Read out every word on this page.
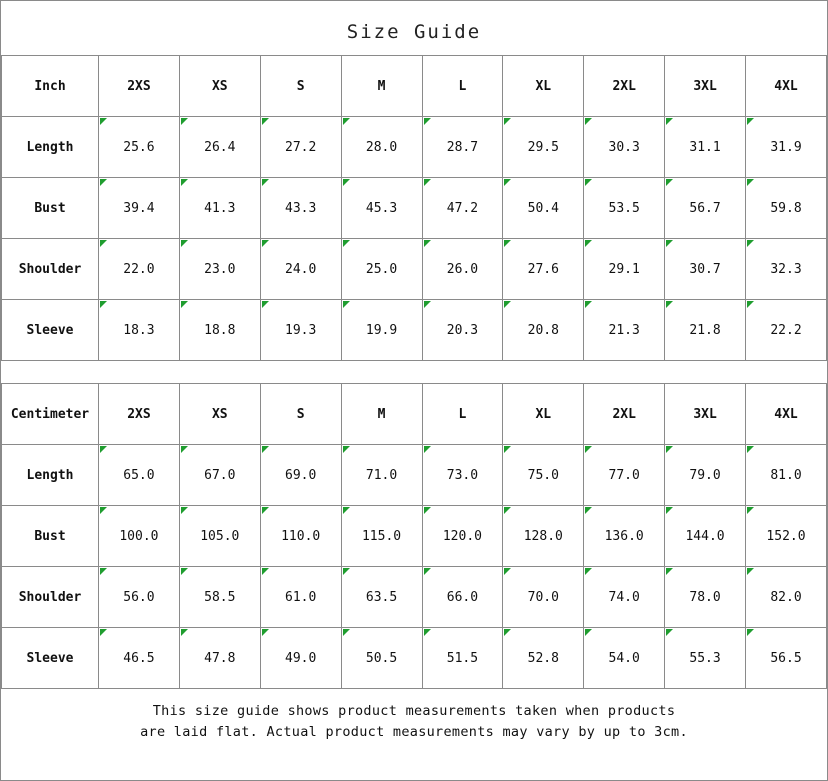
Size Guide
Inch	2XS	XS	S	M	L	XL	2XL	3XL	4XL
Length	25.6	26.4	27.2	28.0	28.7	29.5	30.3	31.1	31.9
Bust	39.4	41.3	43.3	45.3	47.2	50.4	53.5	56.7	59.8
Shoulder	22.0	23.0	24.0	25.0	26.0	27.6	29.1	30.7	32.3
Sleeve	18.3	18.8	19.3	19.9	20.3	20.8	21.3	21.8	22.2
Centimeter	2XS	XS	S	M	L	XL	2XL	3XL	4XL
Length	65.0	67.0	69.0	71.0	73.0	75.0	77.0	79.0	81.0
Bust	100.0	105.0	110.0	115.0	120.0	128.0	136.0	144.0	152.0
Shoulder	56.0	58.5	61.0	63.5	66.0	70.0	74.0	78.0	82.0
Sleeve	46.5	47.8	49.0	50.5	51.5	52.8	54.0	55.3	56.5
This size guide shows product measurements taken when products
are laid flat. Actual product measurements may vary by up to 3cm.
